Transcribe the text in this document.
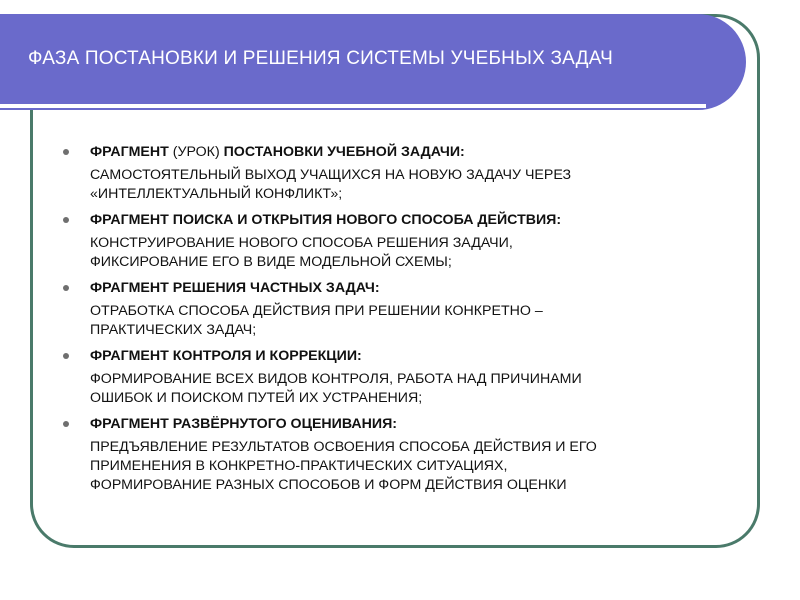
ФАЗА ПОСТАНОВКИ И РЕШЕНИЯ СИСТЕМЫ УЧЕБНЫХ ЗАДАЧ
ФРАГМЕНТ (УРОК) ПОСТАНОВКИ УЧЕБНОЙ ЗАДАЧИ:
САМОСТОЯТЕЛЬНЫЙ ВЫХОД УЧАЩИХСЯ НА НОВУЮ ЗАДАЧУ ЧЕРЕЗ
«ИНТЕЛЛЕКТУАЛЬНЫЙ КОНФЛИКТ»;
ФРАГМЕНТ ПОИСКА И ОТКРЫТИЯ НОВОГО СПОСОБА ДЕЙСТВИЯ:
КОНСТРУИРОВАНИЕ НОВОГО СПОСОБА РЕШЕНИЯ ЗАДАЧИ,
ФИКСИРОВАНИЕ ЕГО В ВИДЕ МОДЕЛЬНОЙ СХЕМЫ;
ФРАГМЕНТ РЕШЕНИЯ ЧАСТНЫХ ЗАДАЧ:
ОТРАБОТКА СПОСОБА ДЕЙСТВИЯ ПРИ РЕШЕНИИ КОНКРЕТНО –
ПРАКТИЧЕСКИХ ЗАДАЧ;
ФРАГМЕНТ КОНТРОЛЯ И КОРРЕКЦИИ:
ФОРМИРОВАНИЕ ВСЕХ ВИДОВ КОНТРОЛЯ, РАБОТА НАД ПРИЧИНАМИ
ОШИБОК И ПОИСКОМ ПУТЕЙ ИХ УСТРАНЕНИЯ;
ФРАГМЕНТ РАЗВЁРНУТОГО ОЦЕНИВАНИЯ:
ПРЕДЪЯВЛЕНИЕ РЕЗУЛЬТАТОВ ОСВОЕНИЯ СПОСОБА ДЕЙСТВИЯ И ЕГО
ПРИМЕНЕНИЯ В КОНКРЕТНО-ПРАКТИЧЕСКИХ СИТУАЦИЯХ,
ФОРМИРОВАНИЕ РАЗНЫХ СПОСОБОВ И ФОРМ ДЕЙСТВИЯ ОЦЕНКИ
